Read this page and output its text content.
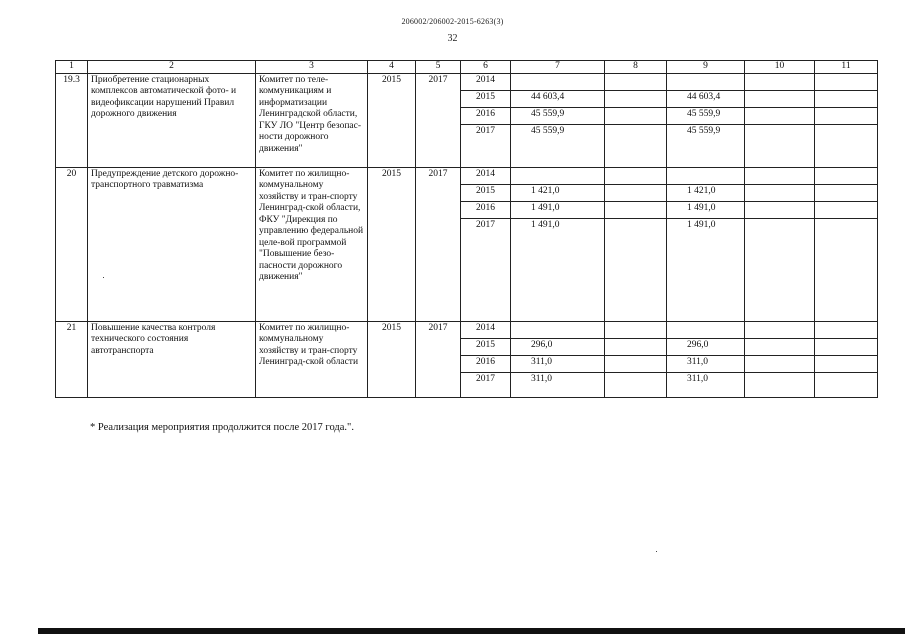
206002/206002-2015-6263(3)
32
1	2	3	4	5	6	7	8	9	10	11
19.3	Приобретение стационарных комплексов автоматической фото- и видеофиксации нарушений Правил дорожного движения	Комитет по теле-коммуникациям и информатизации Ленинградской области, ГКУ ЛО "Центр безопас-ности дорожного движения"	2015	2017	2014					
					2015	44 603,4		44 603,4		
					2016	45 559,9		45 559,9		
					2017	45 559,9		45 559,9		
20	Предупреждение детского дорожно-транспортного травматизма	Комитет по жилищно-коммунальному хозяйству и тран-спорту Ленинград-ской области, ФКУ "Дирекция по управлению федеральной целе-вой программой "Повышение безо-пасности дорожного движения"	2015	2017	2014					
					2015	1 421,0		1 421,0		
					2016	1 491,0		1 491,0		
					2017	1 491,0		1 491,0		
21	Повышение качества контроля технического состояния автотранспорта	Комитет по жилищно-коммунальному хозяйству и тран-спорту Ленинград-ской области	2015	2017	2014					
					2015	296,0		296,0		
					2016	311,0		311,0		
					2017	311,0		311,0		
* Реализация мероприятия продолжится после 2017 года.".
